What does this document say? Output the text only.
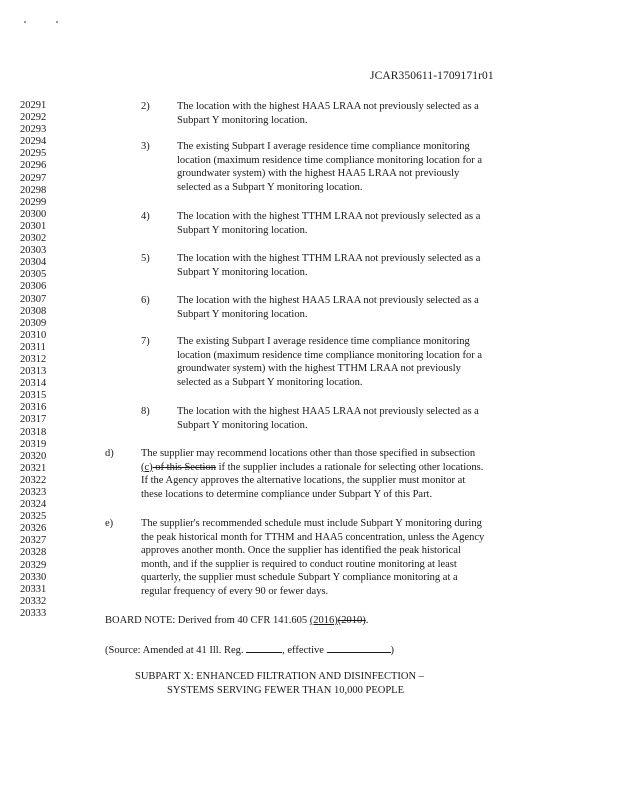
JCAR350611-1709171r01
20291
20292
20293
20294
20295
20296
20297
20298
20299
20300
20301
20302
20303
20304
20305
20306
20307
20308
20309
20310
20311
20312
20313
20314
20315
20316
20317
20318
20319
20320
20321
20322
20323
20324
20325
20326
20327
20328
20329
20330
20331
20332
20333
2)	The location with the highest HAA5 LRAA not previously selected as a
Subpart Y monitoring location.
3)	The existing Subpart I average residence time compliance monitoring
location (maximum residence time compliance monitoring location for a
groundwater system) with the highest HAA5 LRAA not previously
selected as a Subpart Y monitoring location.
4)	The location with the highest TTHM LRAA not previously selected as a
Subpart Y monitoring location.
5)	The location with the highest TTHM LRAA not previously selected as a
Subpart Y monitoring location.
6)	The location with the highest HAA5 LRAA not previously selected as a
Subpart Y monitoring location.
7)	The existing Subpart I average residence time compliance monitoring
location (maximum residence time compliance monitoring location for a
groundwater system) with the highest TTHM LRAA not previously
selected as a Subpart Y monitoring location.
8)	The location with the highest HAA5 LRAA not previously selected as a
Subpart Y monitoring location.
d)	The supplier may recommend locations other than those specified in subsection
(c) of this Section if the supplier includes a rationale for selecting other locations.
If the Agency approves the alternative locations, the supplier must monitor at
these locations to determine compliance under Subpart Y of this Part.
e)	The supplier's recommended schedule must include Subpart Y monitoring during
the peak historical month for TTHM and HAA5 concentration, unless the Agency
approves another month. Once the supplier has identified the peak historical
month, and if the supplier is required to conduct routine monitoring at least
quarterly, the supplier must schedule Subpart Y compliance monitoring at a
regular frequency of every 90 or fewer days.
BOARD NOTE: Derived from 40 CFR 141.605 (2016)(2010).
(Source: Amended at 41 Ill. Reg.	, effective	)
SUBPART X: ENHANCED FILTRATION AND DISINFECTION –
SYSTEMS SERVING FEWER THAN 10,000 PEOPLE
